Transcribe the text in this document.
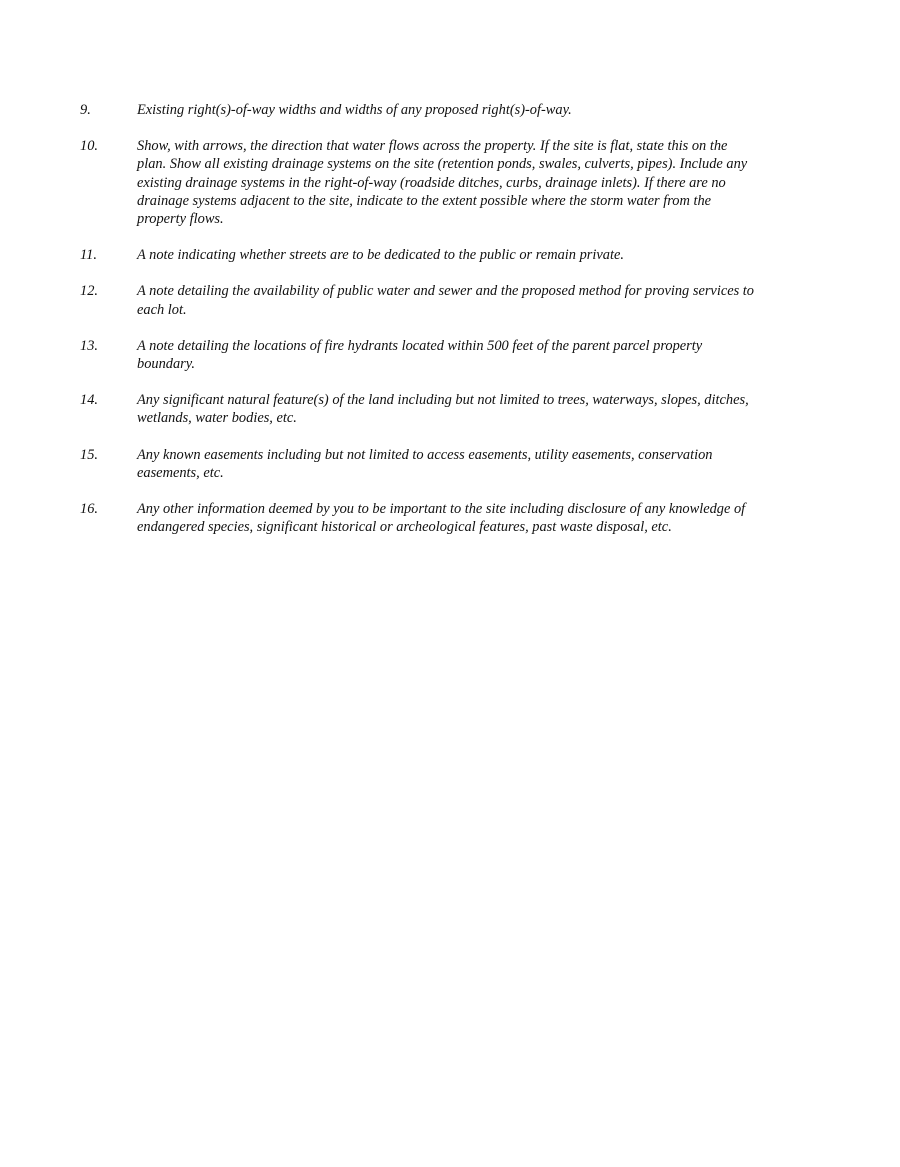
9.	Existing right(s)-of-way widths and widths of any proposed right(s)-of-way.
10.	Show, with arrows, the direction that water flows across the property. If the site is flat, state this on the
plan. Show all existing drainage systems on the site (retention ponds, swales, culverts, pipes). Include any
existing drainage systems in the right-of-way (roadside ditches, curbs, drainage inlets). If there are no
drainage systems adjacent to the site, indicate to the extent possible where the storm water from the
property flows.
11.	A note indicating whether streets are to be dedicated to the public or remain private.
12.	A note detailing the availability of public water and sewer and the proposed method for proving services to
each lot.
13.	A note detailing the locations of fire hydrants located within 500 feet of the parent parcel property
boundary.
14.	Any significant natural feature(s) of the land including but not limited to trees, waterways, slopes, ditches,
wetlands, water bodies, etc.
15.	Any known easements including but not limited to access easements, utility easements, conservation
easements, etc.
16.	Any other information deemed by you to be important to the site including disclosure of any knowledge of
endangered species, significant historical or archeological features, past waste disposal, etc.
